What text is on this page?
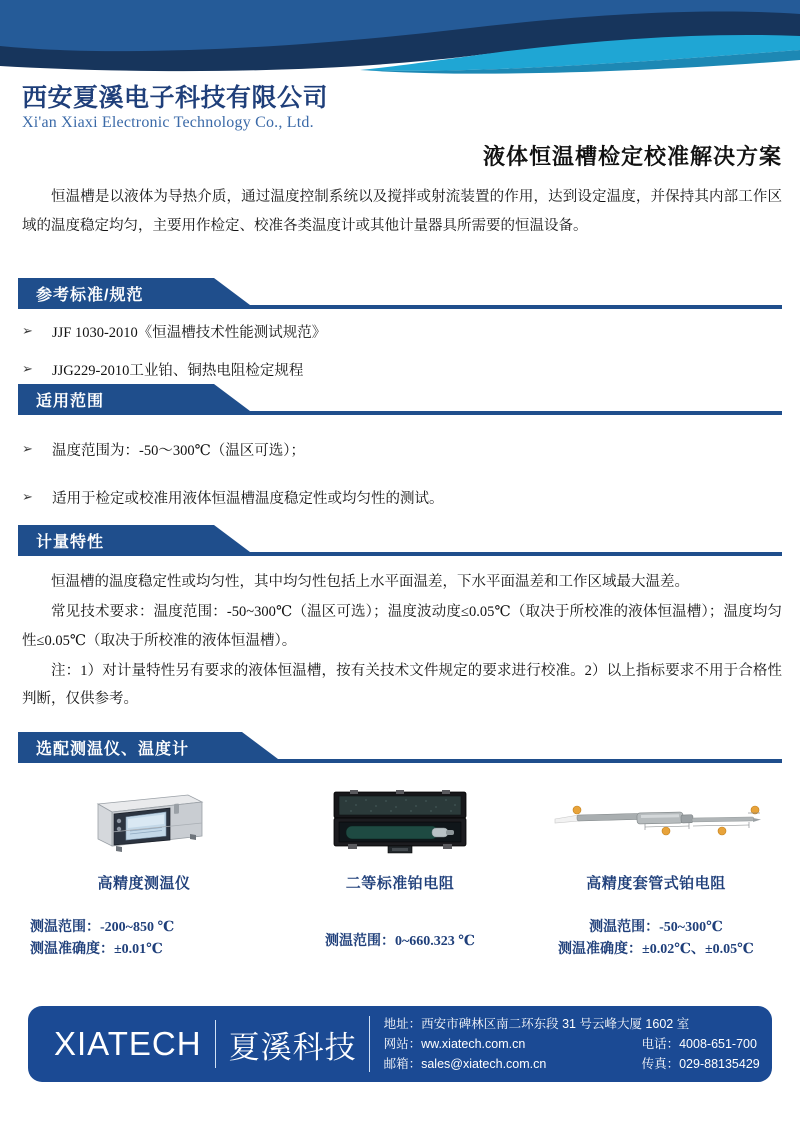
西安夏溪电子科技有限公司
Xi'an Xiaxi Electronic Technology Co., Ltd.
液体恒温槽检定校准解决方案
恒温槽是以液体为导热介质，通过温度控制系统以及搅拌或射流装置的作用，达到设定温度，并保持其内部工作区域的温度稳定均匀，主要用作检定、校准各类温度计或其他计量器具所需要的恒温设备。
参考标准/规范
➢	JJF 1030-2010《恒温槽技术性能测试规范》
➢	JJG229-2010工业铂、铜热电阻检定规程
适用范围
➢	温度范围为：-50～300℃（温区可选）；
➢	适用于检定或校准用液体恒温槽温度稳定性或均匀性的测试。
计量特性

恒温槽的温度稳定性或均匀性，其中均匀性包括上水平面温差，下水平面温差和工作区域最大温差。

常见技术要求：温度范围：-50~300℃（温区可选）；温度波动度≤0.05℃（取决于所校准的液体恒温槽）；温度均匀性≤0.05℃（取决于所校准的液体恒温槽）。

注：1）对计量特性另有要求的液体恒温槽，按有关技术文件规定的要求进行校准。2）以上指标要求不用于合格性判断，仅供参考。

选配测温仪、温度计
高精度测温仪
测温范围：-200~850 ℃
测温准确度：±0.01℃
二等标准铂电阻
测温范围：0~660.323 ℃
高精度套管式铂电阻
测温范围：-50~300℃
测温准确度：±0.02℃、±0.05℃
XIATECH 夏溪科技
地址： 西安市碑林区南二环东段 31 号云峰大厦 1602 室
网站：ww.xiatech.com.cn	电话：4008-651-700
邮箱：sales@xiatech.com.cn	传真：029-88135429
